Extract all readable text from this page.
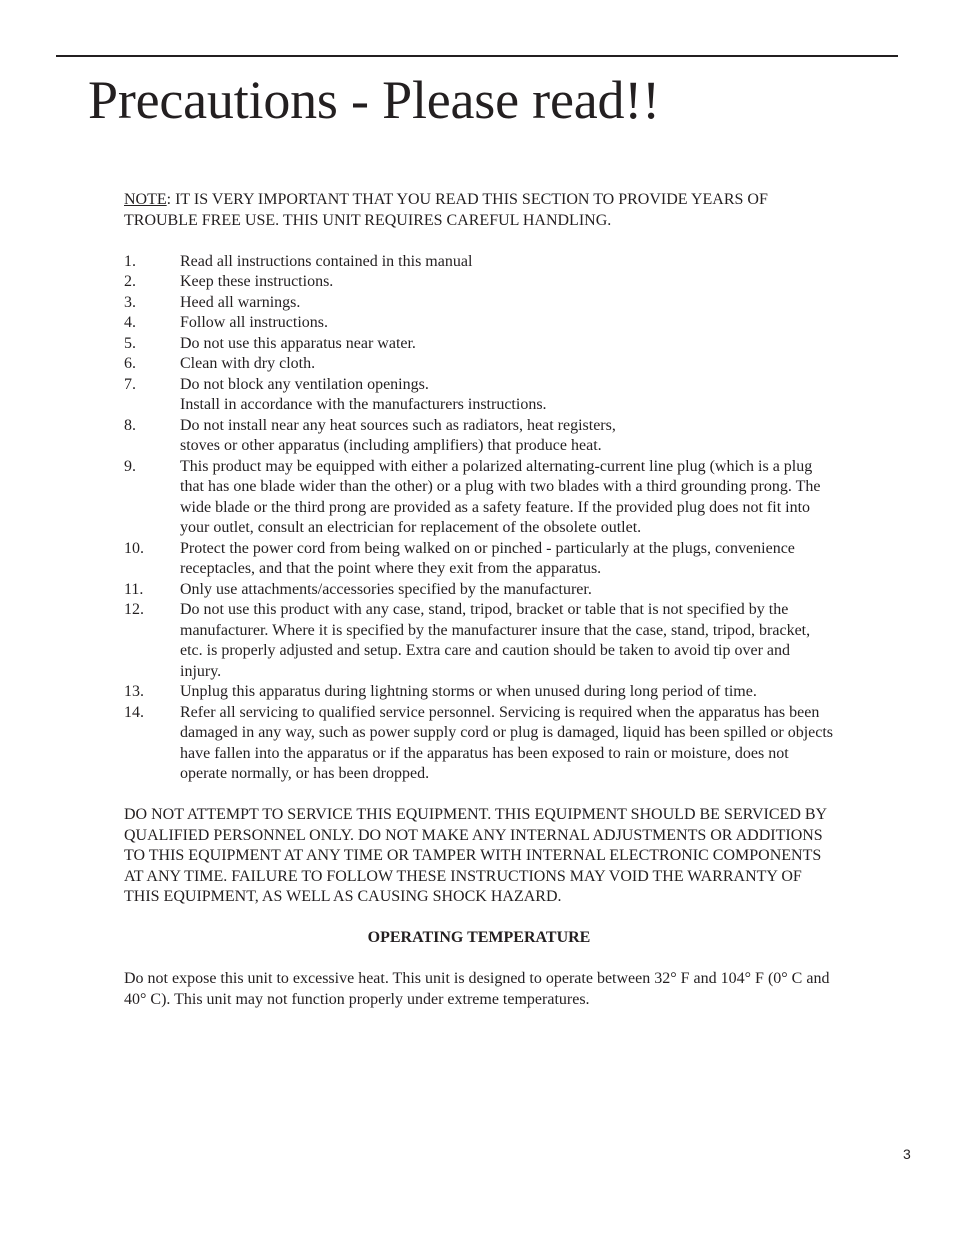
Precautions - Please read!!

NOTE: IT IS VERY IMPORTANT THAT YOU READ THIS SECTION TO PROVIDE YEARS OF TROUBLE FREE USE. THIS UNIT REQUIRES CAREFUL HANDLING.

1.	Read all instructions contained in this manual
2.	Keep these instructions.
3.	Heed all warnings.
4.	Follow all instructions.
5.	Do not use this apparatus near water.
6.	Clean with dry cloth.
7.	Do not block any ventilation openings.
Install in accordance with the manufacturers instructions.
8.	Do not install near any heat sources such as radiators, heat registers,
stoves or other apparatus (including amplifiers) that produce heat.
9.	This product may be equipped with either a polarized alternating-current line plug (which is a plug that has one blade wider than the other) or a plug with two blades with a third grounding prong. The wide blade or the third prong are provided as a safety feature. If the provided plug does not fit into your outlet, consult an electrician for replacement of the obsolete outlet.
10.	Protect the power cord from being walked on or pinched - particularly at the plugs, convenience receptacles, and that the point where they exit from the apparatus.
11.	Only use attachments/accessories specified by the manufacturer.
12.	Do not use this product with any case, stand, tripod, bracket or table that is not specified by the manufacturer. Where it is specified by the manufacturer insure that the case, stand, tripod, bracket, etc. is properly adjusted and setup. Extra care and caution should be taken to avoid tip over and injury.
13.	Unplug this apparatus during lightning storms or when unused during long period of time.
14.	Refer all servicing to qualified service personnel. Servicing is required when the apparatus has been damaged in any way, such as power supply cord or plug is damaged, liquid has been spilled or objects have fallen into the apparatus or if the apparatus has been exposed to rain or moisture, does not operate normally, or has been dropped.

DO NOT ATTEMPT TO SERVICE THIS EQUIPMENT. THIS EQUIPMENT SHOULD BE SERVICED BY QUALIFIED PERSONNEL ONLY. DO NOT MAKE ANY INTERNAL ADJUSTMENTS OR ADDITIONS TO THIS EQUIPMENT AT ANY TIME OR TAMPER WITH INTERNAL ELECTRONIC COMPONENTS AT ANY TIME. FAILURE TO FOLLOW THESE INSTRUCTIONS MAY VOID THE WARRANTY OF THIS EQUIPMENT, AS WELL AS CAUSING SHOCK HAZARD.

OPERATING TEMPERATURE

Do not expose this unit to excessive heat. This unit is designed to operate between 32° F and 104° F (0° C and 40° C). This unit may not function properly under extreme temperatures.

3
